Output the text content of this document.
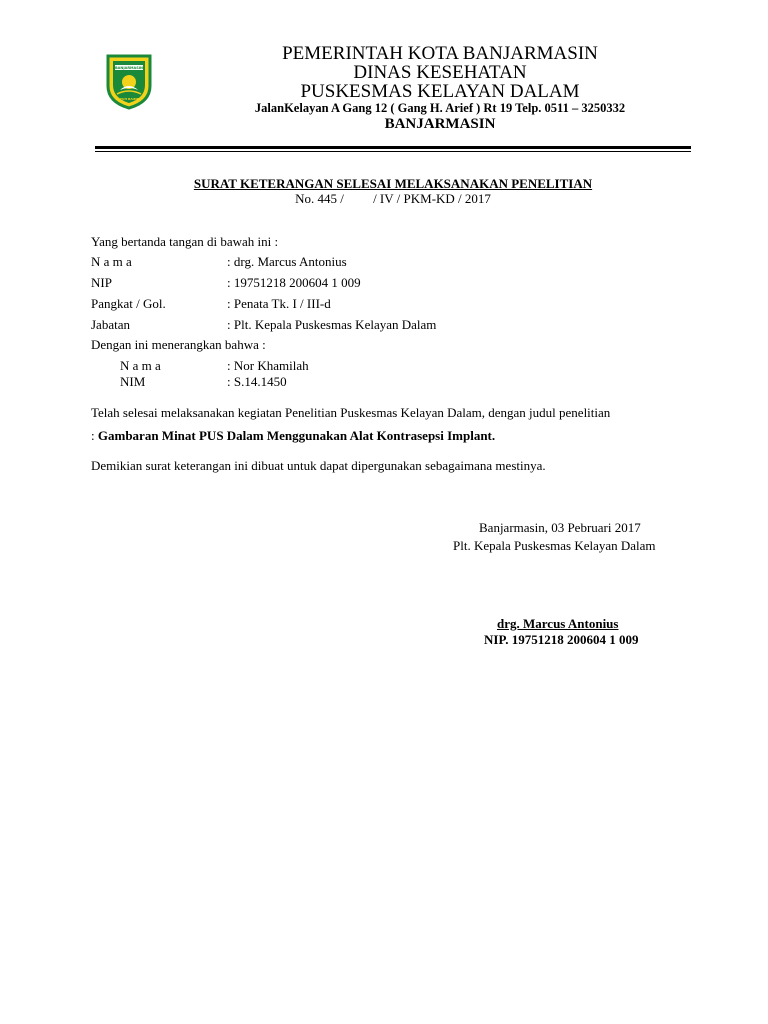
BANJARMASIN
KAYUH BAIMBAI
PEMERINTAH KOTA BANJARMASIN
DINAS KESEHATAN
PUSKESMAS KELAYAN DALAM
JalanKelayan A Gang 12 ( Gang H. Arief ) Rt 19 Telp. 0511 – 3250332
BANJARMASIN
SURAT KETERANGAN SELESAI MELAKSANAKAN PENELITIAN
No. 445 /         / IV / PKM-KD / 2017
Yang bertanda tangan di bawah ini :
N a m a	: drg. Marcus Antonius
NIP	: 19751218 200604 1 009
Pangkat / Gol.	: Penata Tk. I / III-d
Jabatan	: Plt. Kepala Puskesmas Kelayan Dalam
Dengan ini menerangkan bahwa :
N a m a	: Nor Khamilah
NIM	: S.14.1450
Telah selesai melaksanakan kegiatan Penelitian Puskesmas Kelayan Dalam, dengan judul penelitian
: Gambaran Minat PUS Dalam Menggunakan Alat Kontrasepsi Implant.
Demikian surat keterangan ini dibuat untuk dapat dipergunakan sebagaimana mestinya.
Banjarmasin, 03 Pebruari 2017
Plt. Kepala Puskesmas Kelayan Dalam
drg. Marcus Antonius
NIP. 19751218 200604 1 009
